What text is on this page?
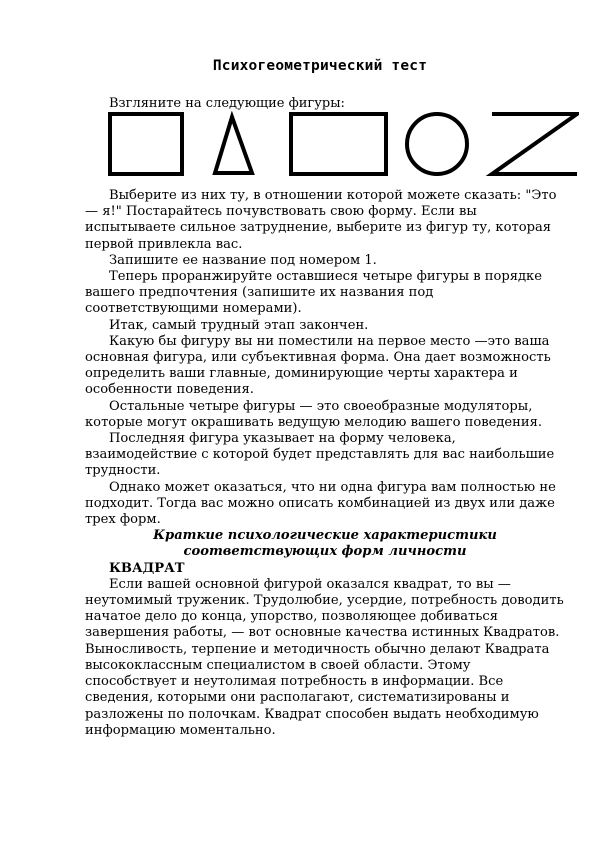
Психогеометрический тест

Взгляните на следующие фигуры:

Выберите из них ту, в отношении которой можете сказать: "Это — я!" Постарайтесь почувствовать свою форму. Если вы испытываете сильное затруднение, выберите из фигур ту, которая первой привлекла вас.

Запишите ее название под номером 1.

Теперь проранжируйте оставшиеся четыре фигуры в порядке вашего предпочтения (запишите их названия под соответствующими номерами).

Итак, самый трудный этап закончен.

Какую бы фигуру вы ни поместили на первое место —это ваша основная фигура, или субъективная форма. Она дает возможность определить ваши главные, доминирующие черты характера и особенности поведения.

Остальные четыре фигуры — это своеобразные модуляторы, которые могут окрашивать ведущую мелодию вашего поведения.

Последняя фигура указывает на форму человека, взаимодействие с которой будет представлять для вас наибольшие трудности.

Однако может оказаться, что ни одна фигура вам полностью не подходит. Тогда вас можно описать комбинацией из двух или даже трех форм.

Краткие психологические характеристики соответствующих форм личности
КВАДРАТ

Если вашей основной фигурой оказался квадрат, то вы — неутомимый труженик. Трудолюбие, усердие, потребность доводить начатое дело до конца, упорство, позволяющее добиваться завершения работы, — вот основные качества истинных Квадратов. Выносливость, терпение и методичность обычно делают Квадрата высококлассным специалистом в своей области. Этому способствует и неутолимая потребность в информации. Все сведения, которыми они располагают, систематизированы и разложены по полочкам. Квадрат способен выдать необходимую информацию моментально.
